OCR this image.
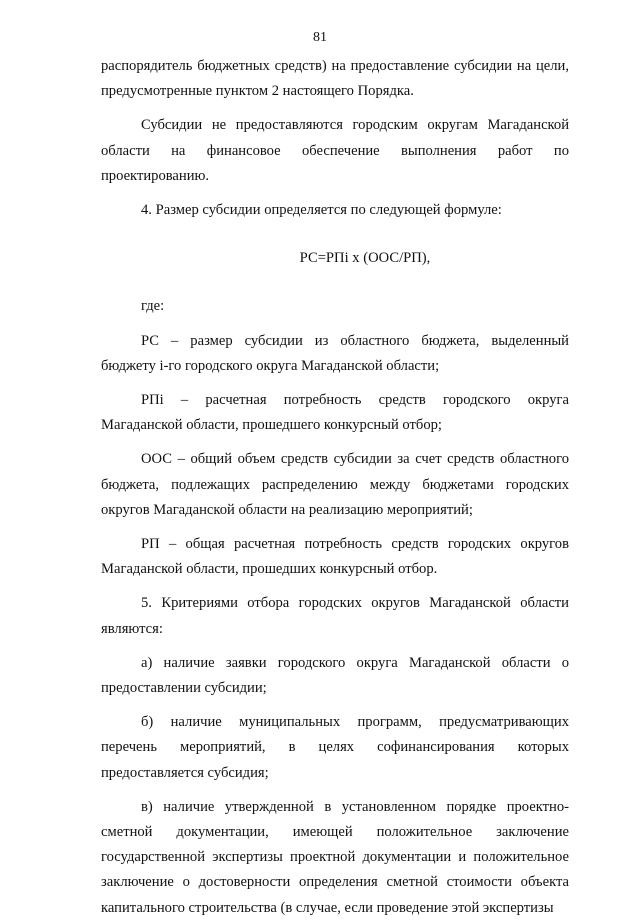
81

распорядитель бюджетных средств) на предоставление субсидии на цели, предусмотренные пунктом 2 настоящего Порядка.

Субсидии не предоставляются городским округам Магаданской области на финансовое обеспечение выполнения работ по проектированию.

4. Размер субсидии определяется по следующей формуле:

РС=РПi х (ООС/РП),

где:

РС – размер субсидии из областного бюджета, выделенный бюджету i-го городского округа Магаданской области;

РПi – расчетная потребность средств городского округа Магаданской области, прошедшего конкурсный отбор;

ООС – общий объем средств субсидии за счет средств областного бюджета, подлежащих распределению между бюджетами городских округов Магаданской области на реализацию мероприятий;

РП – общая расчетная потребность средств городских округов Магаданской области, прошедших конкурсный отбор.

5. Критериями отбора городских округов Магаданской области являются:

а) наличие заявки городского округа Магаданской области о предоставлении субсидии;

б) наличие муниципальных программ, предусматривающих перечень мероприятий, в целях софинансирования которых предоставляется субсидия;

в) наличие утвержденной в установленном порядке проектно-сметной документации, имеющей положительное заключение государственной экспертизы проектной документации и положительное заключение о достоверности определения сметной стоимости объекта капитального строительства (в случае, если проведение этой экспертизы
